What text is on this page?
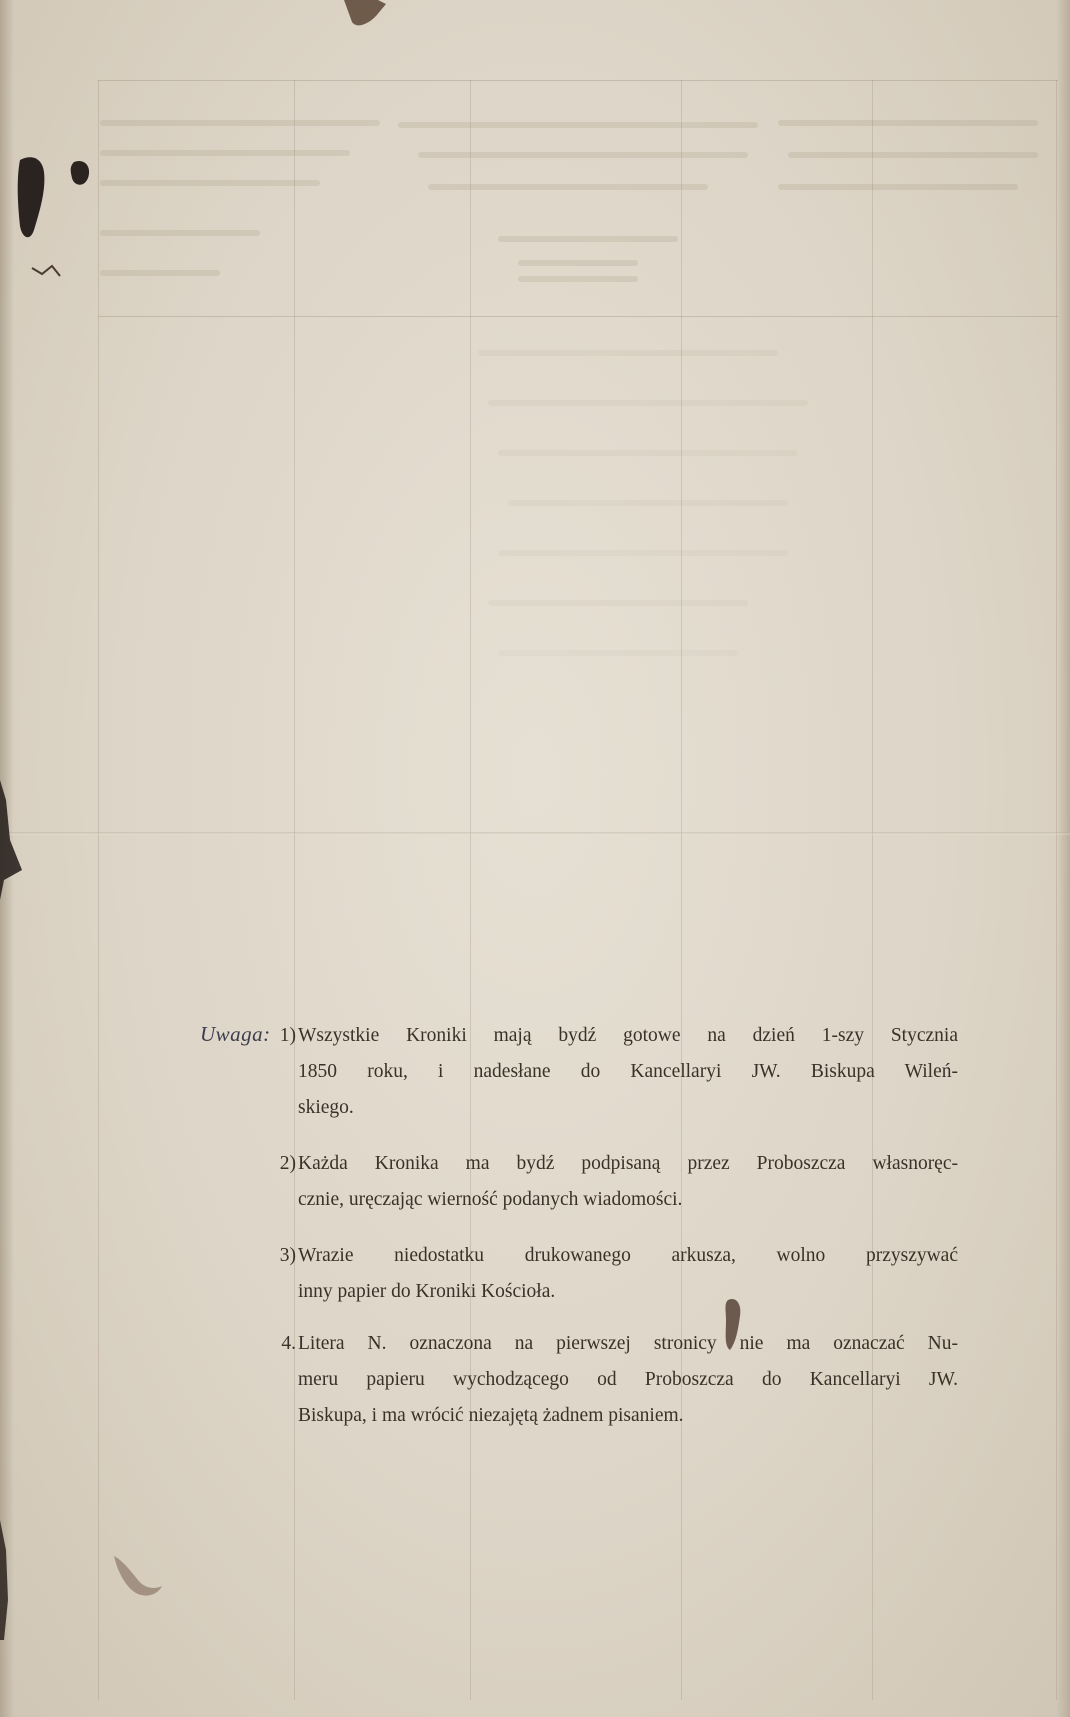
Uwaga: 1) Wszystkie Kroniki mają bydź gotowe na dzień 1-szy Stycznia
1850 roku, i nadesłane do Kancellaryi JW. Biskupa Wileń-
skiego.
2) Każda Kronika ma bydź podpisaną przez Proboszcza własnoręc-
cznie, uręczając wierność podanych wiadomości.
3) Wrazie niedostatku drukowanego arkusza, wolno przyszywać
inny papier do Kroniki Kościoła.
4. Litera N. oznaczona na pierwszej stronicy nie ma oznaczać Nu-
meru papieru wychodzącego od Proboszcza do Kancellaryi JW.
Biskupa, i ma wrócić niezajętą żadnem pisaniem.
